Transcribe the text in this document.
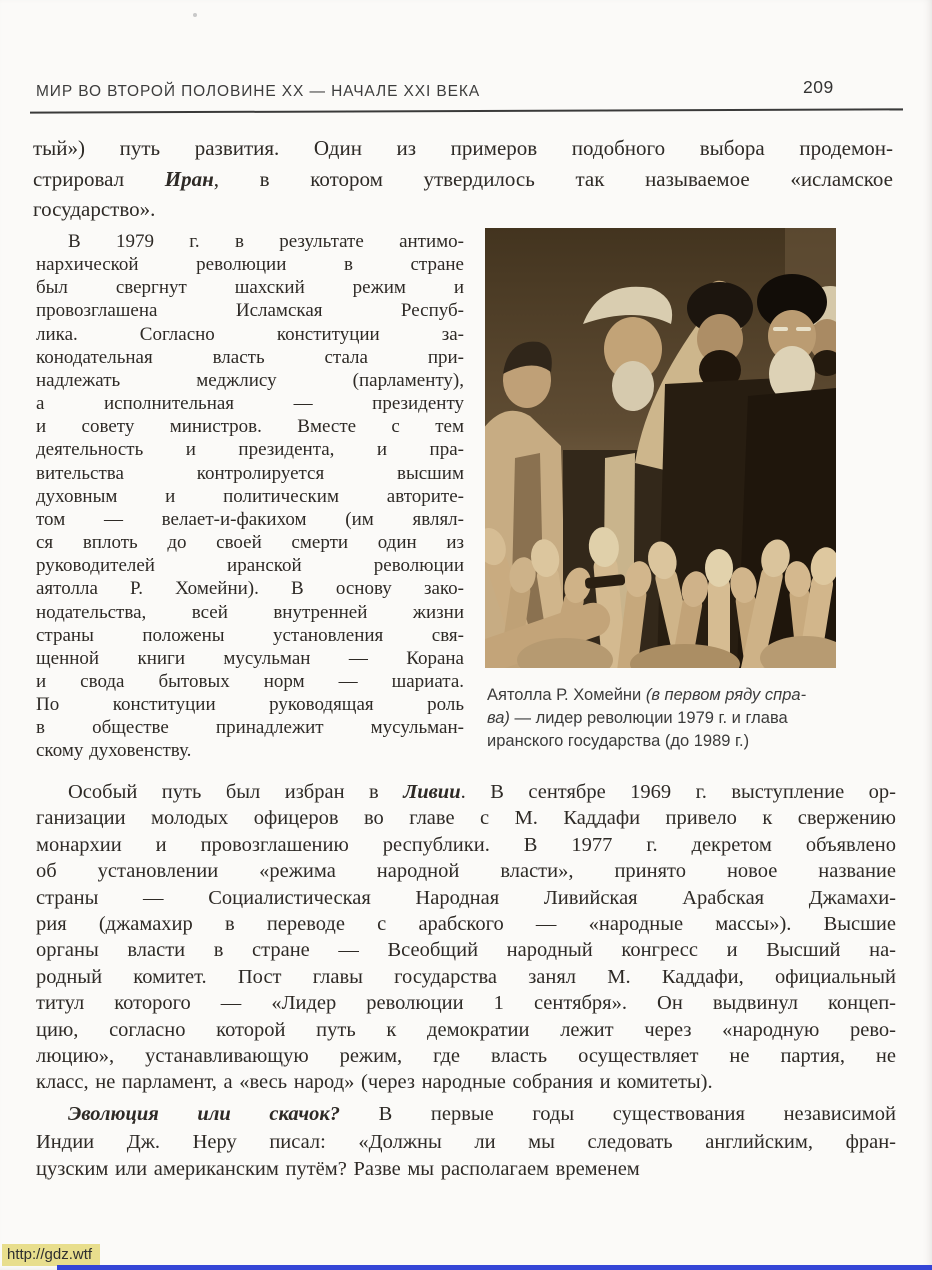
МИР ВО ВТОРОЙ ПОЛОВИНЕ XX — НАЧАЛЕ XXI ВЕКА	209
тый») путь развития. Один из примеров подобного выбора продемон-
стрировал Иран, в котором утвердилось так называемое «исламское
государство».
В 1979 г. в результате антимо-
нархической революции в стране
был свергнут шахский режим и
провозглашена Исламская Респуб-
лика. Согласно конституции за-
конодательная власть стала при-
надлежать меджлису (парламенту),
а исполнительная — президенту
и совету министров. Вместе с тем
деятельность и президента, и пра-
вительства контролируется высшим
духовным и политическим авторите-
том — велает-и-факихом (им являл-
ся вплоть до своей смерти один из
руководителей иранской революции
аятолла Р. Хомейни). В основу зако-
нодательства, всей внутренней жизни
страны положены установления свя-
щенной книги мусульман — Корана
и свода бытовых норм — шариата.
По конституции руководящая роль
в обществе принадлежит мусульман-
скому духовенству.
Аятолла Р. Хомейни (в первом ряду спра-
ва) — лидер революции 1979 г. и глава
иранского государства (до 1989 г.)
Особый путь был избран в Ливии. В сентябре 1969 г. выступление ор-
ганизации молодых офицеров во главе с М. Каддафи привело к свержению
монархии и провозглашению республики. В 1977 г. декретом объявлено
об установлении «режима народной власти», принято новое название
страны — Социалистическая Народная Ливийская Арабская Джамахи-
рия (джамахир в переводе с арабского — «народные массы»). Высшие
органы власти в стране — Всеобщий народный конгресс и Высший на-
родный комитет. Пост главы государства занял М. Каддафи, официальный
титул которого — «Лидер революции 1 сентября». Он выдвинул концеп-
цию, согласно которой путь к демократии лежит через «народную рево-
люцию», устанавливающую режим, где власть осуществляет не партия, не
класс, не парламент, а «весь народ» (через народные собрания и комитеты).
Эволюция или скачок? В первые годы существования независимой
Индии Дж. Неру писал: «Должны ли мы следовать английским, фран-
цузским или американским путём? Разве мы располагаем временем
http://gdz.wtf
